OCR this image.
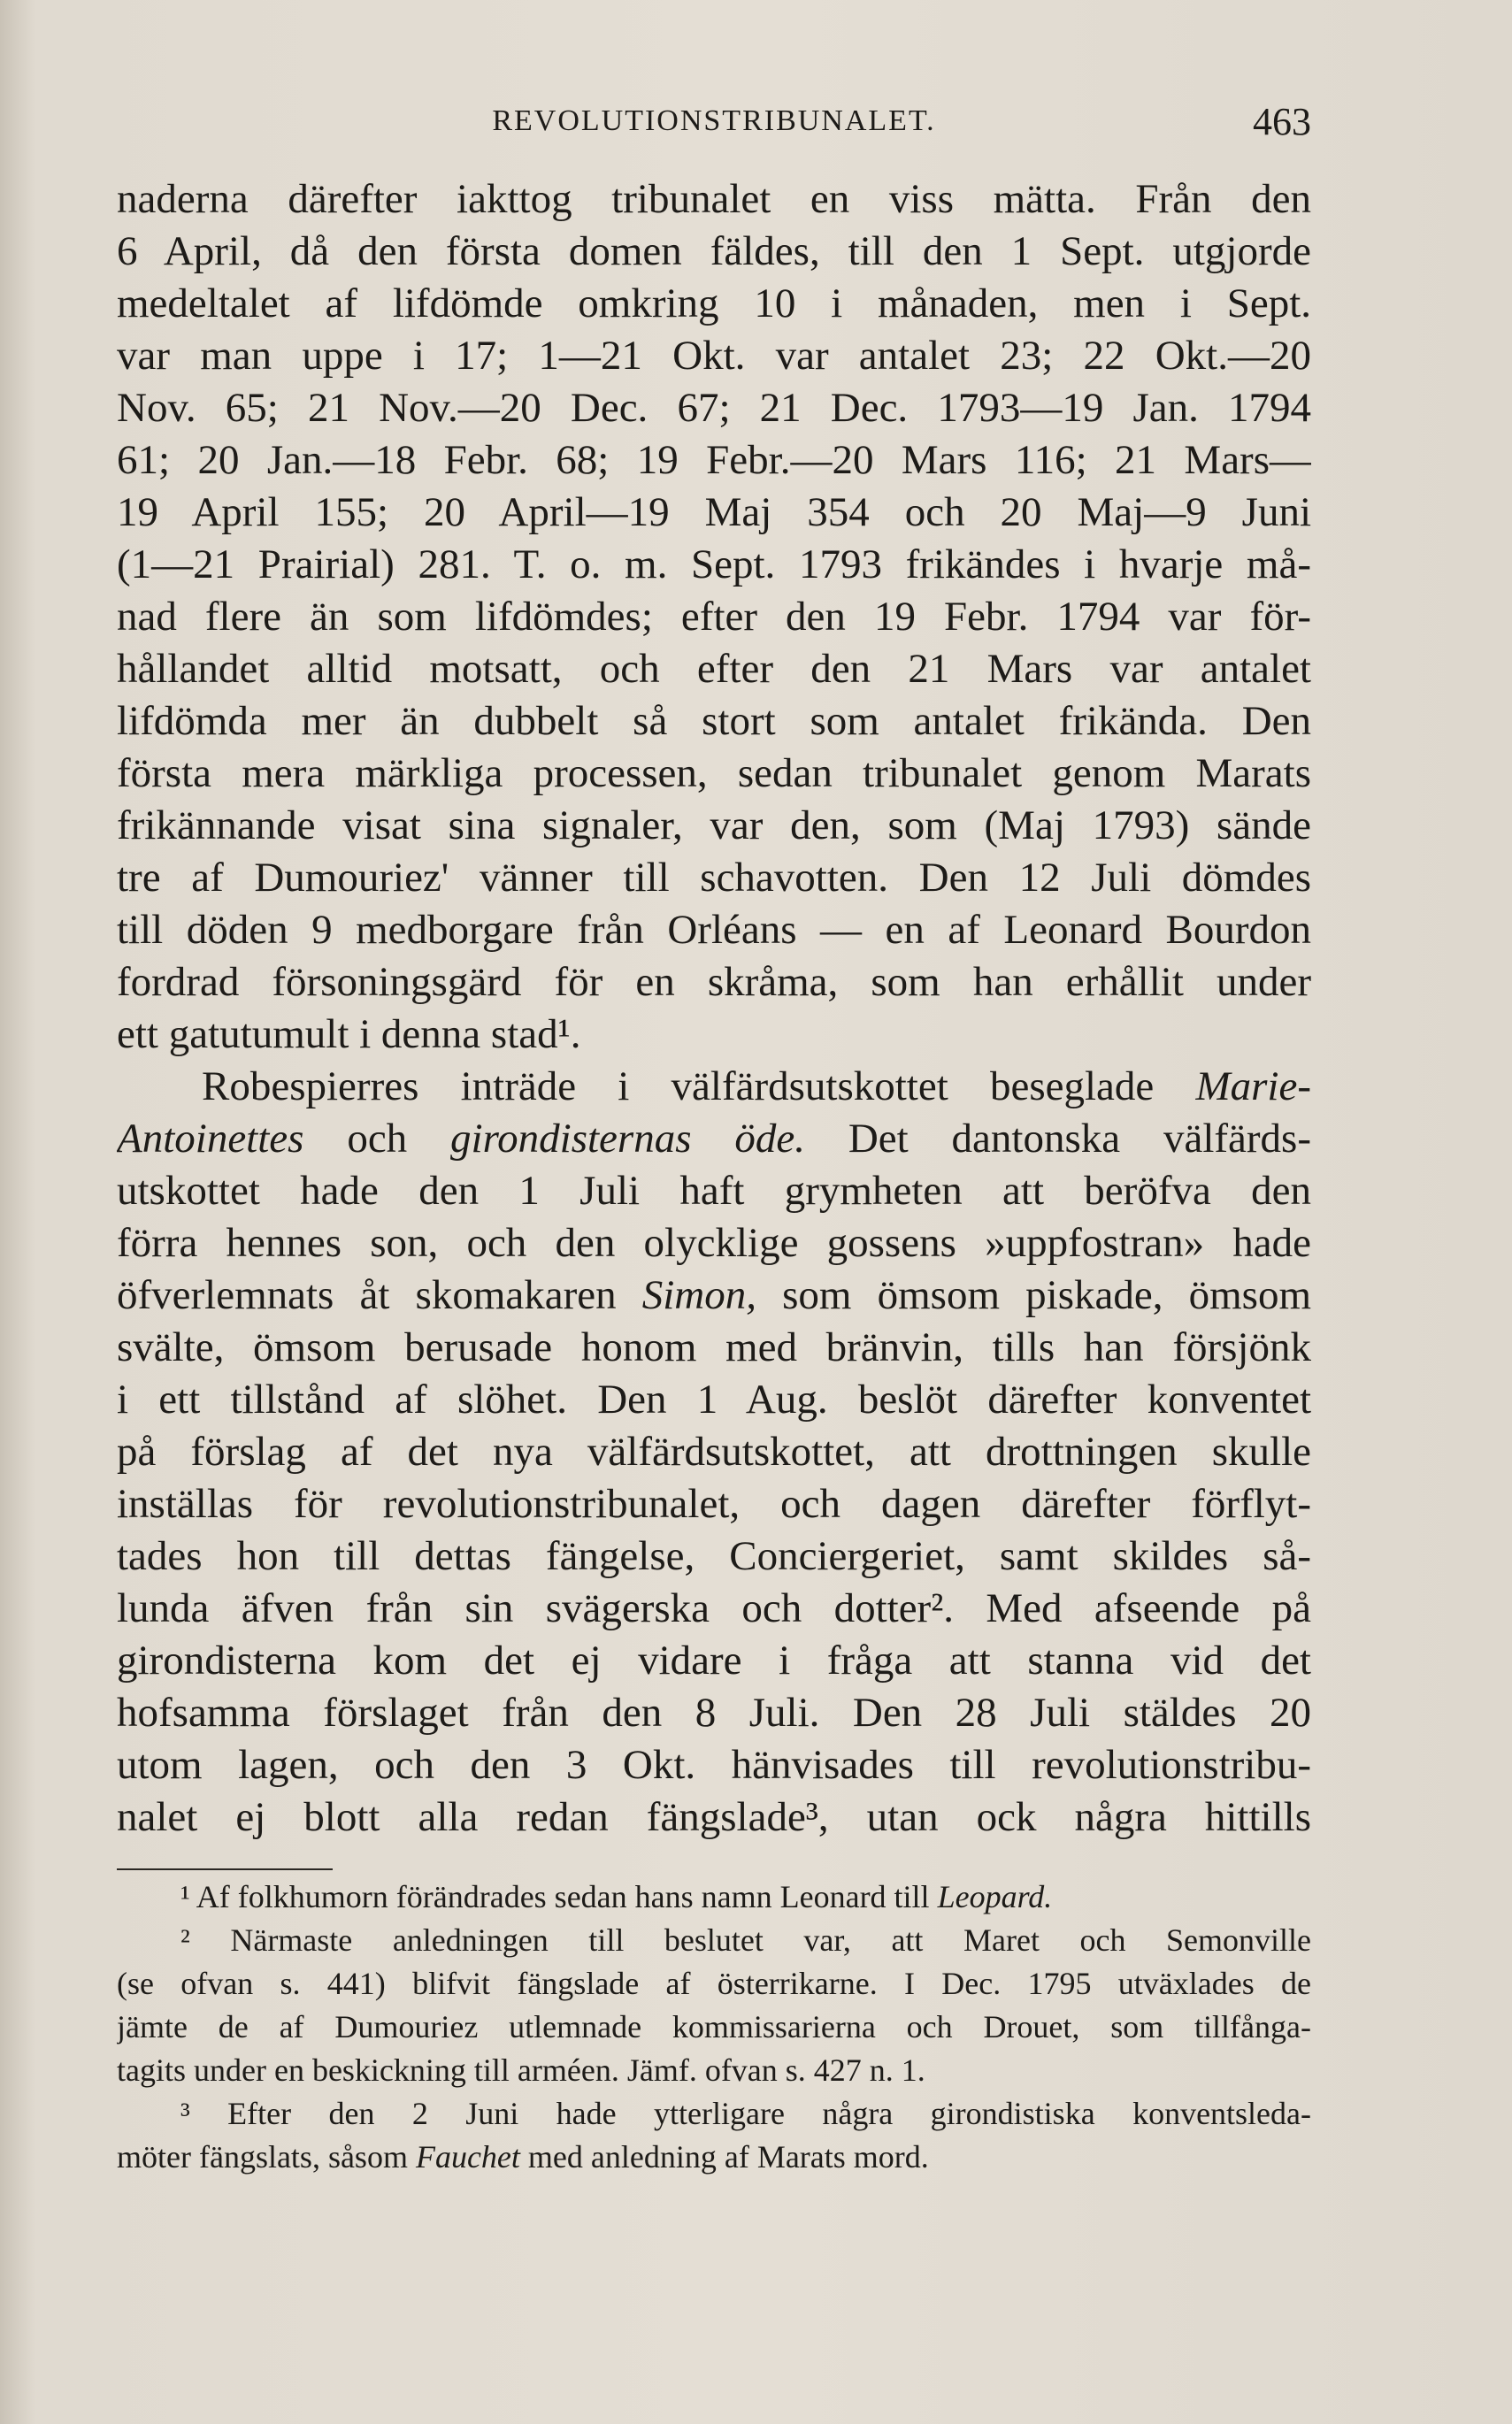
REVOLUTIONSTRIBUNALET.	463
naderna därefter iakttog tribunalet en viss mätta. Från den
6 April, då den första domen fäldes, till den 1 Sept. utgjorde
medeltalet af lifdömde omkring 10 i månaden, men i Sept.
var man uppe i 17; 1—21 Okt. var antalet 23; 22 Okt.—20
Nov. 65; 21 Nov.—20 Dec. 67; 21 Dec. 1793—19 Jan. 1794
61; 20 Jan.—18 Febr. 68; 19 Febr.—20 Mars 116; 21 Mars—
19 April 155; 20 April—19 Maj 354 och 20 Maj—9 Juni
(1—21 Prairial) 281. T. o. m. Sept. 1793 frikändes i hvarje må-
nad flere än som lifdömdes; efter den 19 Febr. 1794 var för-
hållandet alltid motsatt, och efter den 21 Mars var antalet
lifdömda mer än dubbelt så stort som antalet frikända. Den
första mera märkliga processen, sedan tribunalet genom Marats
frikännande visat sina signaler, var den, som (Maj 1793) sände
tre af Dumouriez' vänner till schavotten. Den 12 Juli dömdes
till döden 9 medborgare från Orléans — en af Leonard Bourdon
fordrad försoningsgärd för en skråma, som han erhållit under
ett gatutumult i denna stad¹.
Robespierres inträde i välfärdsutskottet beseglade Marie-
Antoinettes och girondisternas öde. Det dantonska välfärds-
utskottet hade den 1 Juli haft grymheten att beröfva den
förra hennes son, och den olycklige gossens »uppfostran» hade
öfverlemnats åt skomakaren Simon, som ömsom piskade, ömsom
svälte, ömsom berusade honom med bränvin, tills han försjönk
i ett tillstånd af slöhet. Den 1 Aug. beslöt därefter konventet
på förslag af det nya välfärdsutskottet, att drottningen skulle
inställas för revolutionstribunalet, och dagen därefter förflyt-
tades hon till dettas fängelse, Conciergeriet, samt skildes så-
lunda äfven från sin svägerska och dotter². Med afseende på
girondisterna kom det ej vidare i fråga att stanna vid det
hofsamma förslaget från den 8 Juli. Den 28 Juli stäldes 20
utom lagen, och den 3 Okt. hänvisades till revolutionstribu-
nalet ej blott alla redan fängslade³, utan ock några hittills
¹ Af folkhumorn förändrades sedan hans namn Leonard till Leopard.
² Närmaste anledningen till beslutet var, att Maret och Semonville
(se ofvan s. 441) blifvit fängslade af österrikarne. I Dec. 1795 utväxlades de
jämte de af Dumouriez utlemnade kommissarierna och Drouet, som tillfånga-
tagits under en beskickning till arméen. Jämf. ofvan s. 427 n. 1.
³ Efter den 2 Juni hade ytterligare några girondistiska konventsleda-
möter fängslats, såsom Fauchet med anledning af Marats mord.
